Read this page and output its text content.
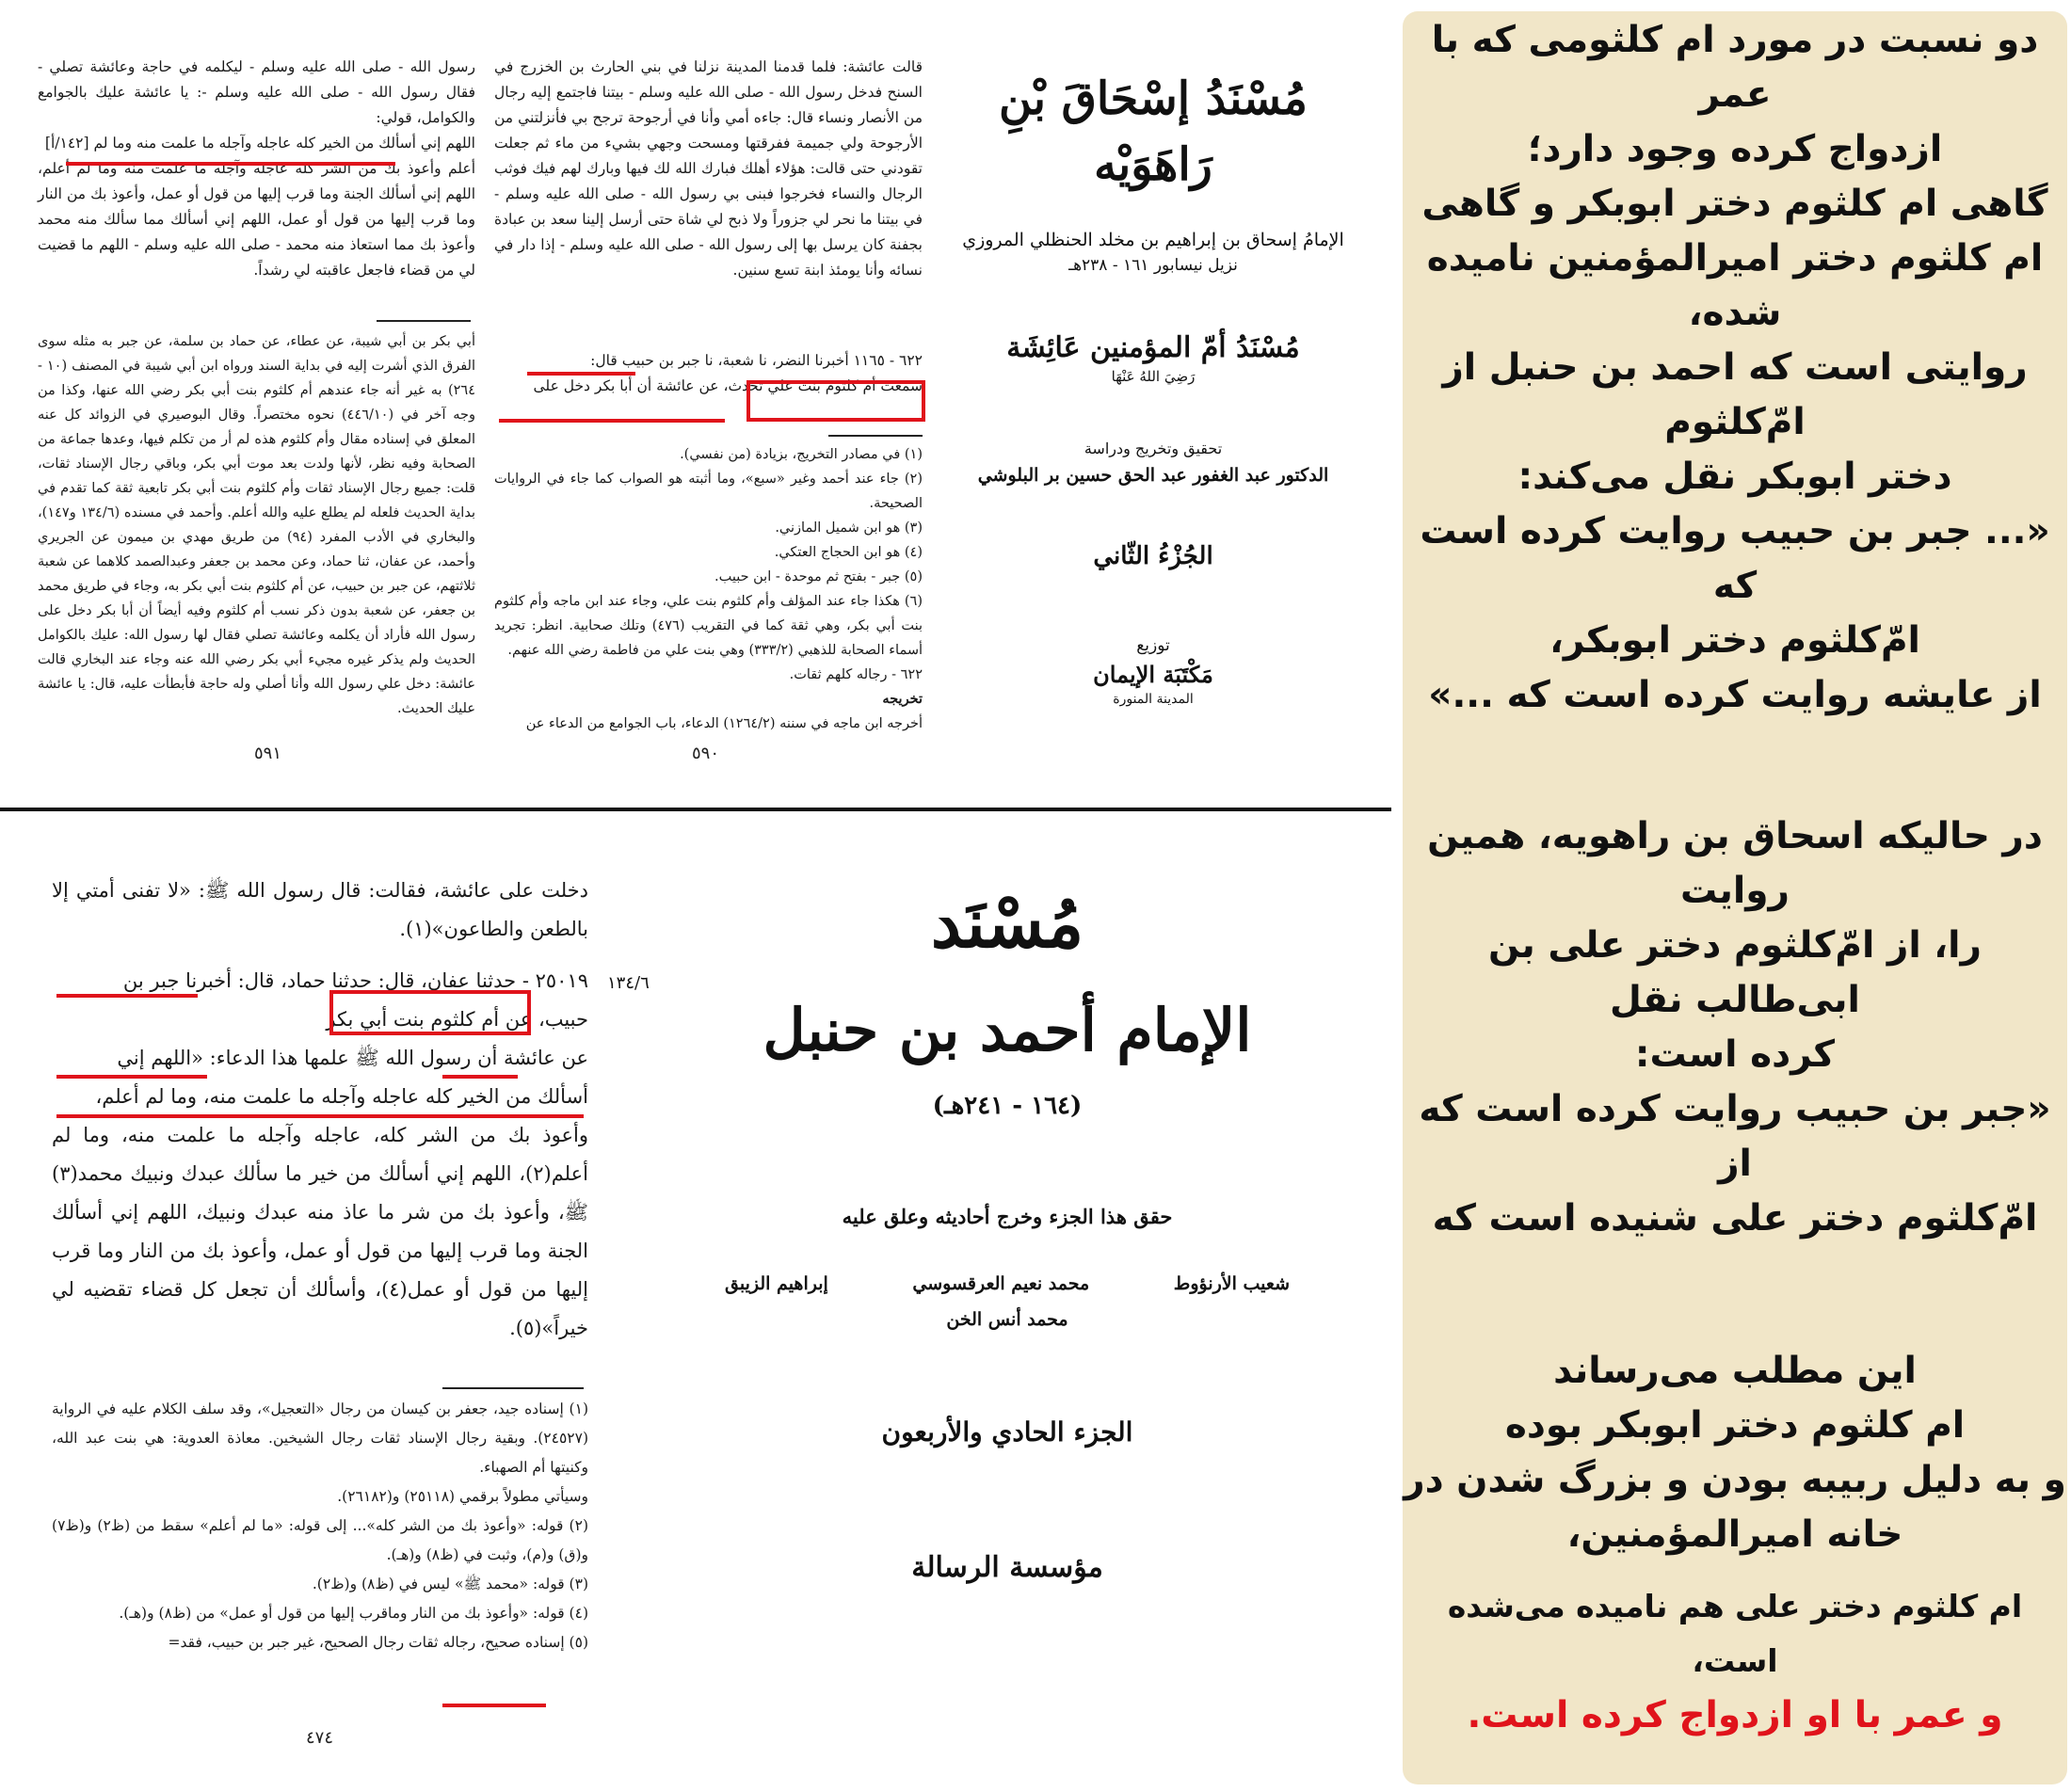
مُسْنَدُ إسْحَاقَ بْنِ رَاهَوَيْه
الإمامُ إسحاق بن إبراهيم بن مخلد الحنظلي المروزي
نزيل نيسابور ١٦١ - ٢٣٨هـ
مُسْنَدُ أمّ المؤمنين عَائِشَة
رَضِيَ اللهُ عَنْهَا
تحقيق وتخريج ودراسة
الدكتور عبد الغفور عبد الحق حسين بر البلوشي
الجُزْءُ الثّاني
توزيع
مَكْتَبَة الإيمان
المدينة المنورة

قالت عائشة: فلما قدمنا المدينة نزلنا في بني الحارث بن الخزرج في السنح فدخل رسول الله - صلى الله عليه وسلم - بيتنا فاجتمع إليه رجال من الأنصار ونساء قال: جاءه أمي وأنا في أرجوحة ترجح بي فأنزلتني من الأرجوحة ولي جميمة ففرقتها ومسحت وجهي بشيء من ماء ثم جعلت تقودني حتى قالت: هؤلاء أهلك فبارك الله لك فيها وبارك لهم فيك فوثب الرجال والنساء فخرجوا فبنى بي رسول الله - صلى الله عليه وسلم - في بيتنا ما نحر لي جزوراً ولا ذبح لي شاة حتى أرسل إلينا سعد بن عبادة بجفنة كان يرسل بها إلى رسول الله - صلى الله عليه وسلم - إذا دار في نسائه وأنا يومئذ ابنة تسع سنين.

٦٢٢ - ١١٦٥ أخبرنا النضر، نا شعبة، نا جبر بن حبيب قال:

سمعت أم كلثوم بنت علي تحدث، عن عائشة أن أبا بكر دخل على

(١) في مصادر التخريج، بزيادة (من نفسي).
(٢) جاء عند أحمد وغير «سبع»، وما أثبته هو الصواب كما جاء في الروايات الصحيحة.
(٣) هو ابن شميل المازني.
(٤) هو ابن الحجاج العتكي.
(٥) جبر - بفتح ثم موحدة - ابن حبيب.
(٦) هكذا جاء عند المؤلف وأم كلثوم بنت علي، وجاء عند ابن ماجه وأم كلثوم بنت أبي بكر، وهي ثقة كما في التقريب (٤٧٦) وتلك صحابية. انظر: تجريد أسماء الصحابة للذهبي (٣٣٣/٢) وهي بنت علي من فاطمة رضي الله عنهم.
٦٢٢ - رجاله كلهم ثقات.
تخريجه
أخرجه ابن ماجه في سننه (١٢٦٤/٢) الدعاء، باب الجوامع من الدعاء عن
٥٩٠

رسول الله - صلى الله عليه وسلم - ليكلمه في حاجة وعائشة تصلي - فقال رسول الله - صلى الله عليه وسلم -: يا عائشة عليك بالجوامع والكوامل، قولي:

اللهم إني أسألك من الخير كله عاجله وآجله ما علمت منه وما لم [١٤٢/أ]

أعلم وأعوذ بك من الشر كله عاجله وآجله ما علمت منه وما لم أعلم، اللهم إني أسألك الجنة وما قرب إليها من قول أو عمل، وأعوذ بك من النار وما قرب إليها من قول أو عمل، اللهم إني أسألك مما سألك منه محمد وأعوذ بك مما استعاذ منه محمد - صلى الله عليه وسلم - اللهم ما قضيت لي من قضاء فاجعل عاقبته لي رشداً.

أبي بكر بن أبي شيبة، عن عطاء، عن حماد بن سلمة، عن جبر به مثله سوى الفرق الذي أشرت إليه في بداية السند ورواه ابن أبي شيبة في المصنف (١٠ - ٢٦٤) به غير أنه جاء عندهم أم كلثوم بنت أبي بكر رضي الله عنها، وكذا من وجه آخر في (٤٤٦/١٠) نحوه مختصراً. وقال البوصيري في الزوائد كل عنه المعلق في إسناده مقال وأم كلثوم هذه لم أر من تكلم فيها، وعدها جماعة من الصحابة وفيه نظر، لأنها ولدت بعد موت أبي بكر، وباقي رجال الإسناد ثقات، قلت: جميع رجال الإسناد ثقات وأم كلثوم بنت أبي بكر تابعية ثقة كما تقدم في بداية الحديث فلعله لم يطلع عليه والله أعلم. وأحمد في مسنده (١٣٤/٦ و١٤٧)، والبخاري في الأدب المفرد (٩٤) من طريق مهدي بن ميمون عن الجريري وأحمد، عن عفان، ثنا حماد، وعن محمد بن جعفر وعبدالصمد كلاهما عن شعبة ثلاثتهم، عن جبر بن حبيب، عن أم كلثوم بنت أبي بكر به، وجاء في طريق محمد بن جعفر، عن شعبة بدون ذكر نسب أم كلثوم وفيه أيضاً أن أبا بكر دخل على رسول الله فأراد أن يكلمه وعائشة تصلي فقال لها رسول الله: عليك بالكوامل الحديث ولم يذكر غيره مجيء أبي بكر رضي الله عنه وجاء عند البخاري قالت عائشة: دخل علي رسول الله وأنا أصلي وله حاجة فأبطأت عليه، قال: يا عائشة عليك الحديث.
٥٩١

دخلت على عائشة، فقالت: قال رسول الله ﷺ: «لا تفنى أمتي إلا بالطعن والطاعون»(١).

٢٥٠١٩ - حدثنا عفان، قال: حدثنا حماد، قال: أخبرنا جبر بن

حبيب، عن أم كلثوم بنت أبي بكر

عن عائشة أن رسول الله ﷺ علمها هذا الدعاء: «اللهم إني

أسألك من الخير كله عاجله وآجله ما علمت منه، وما لم أعلم،

وأعوذ بك من الشر كله، عاجله وآجله ما علمت منه، وما لم أعلم(٢)، اللهم إني أسألك من خير ما سألك عبدك ونبيك محمد(٣) ﷺ، وأعوذ بك من شر ما عاذ منه عبدك ونبيك، اللهم إني أسألك الجنة وما قرب إليها من قول أو عمل، وأعوذ بك من النار وما قرب إليها من قول أو عمل(٤)، وأسألك أن تجعل كل قضاء تقضيه لي خيراً»(٥).

١٣٤/٦
(١) إسناده جيد، جعفر بن كيسان من رجال «التعجيل»، وقد سلف الكلام عليه في الرواية (٢٤٥٢٧). وبقية رجال الإسناد ثقات رجال الشيخين. معاذة العدوية: هي بنت عبد الله، وكنيتها أم الصهباء.
وسيأتي مطولاً برقمي (٢٥١١٨) و(٢٦١٨٢).
(٢) قوله: «وأعوذ بك من الشر كله»... إلى قوله: «ما لم أعلم» سقط من (ظ٢) و(ظ٧) و(ق) و(م)، وثبت في (ظ٨) و(هـ).
(٣) قوله: «محمد ﷺ» ليس في (ظ٨) و(ظ٢).
(٤) قوله: «وأعوذ بك من النار وماقرب إليها من قول أو عمل» من (ظ٨) و(هـ).
(٥) إسناده صحيح، رجاله ثقات رجال الصحيح، غير جبر بن حبيب، فقد=
٤٧٤
مُسْنَد
الإمام أحمد بن حنبل
(١٦٤ - ٢٤١هـ)
حقق هذا الجزء وخرج أحاديثه وعلق عليه
شعيب الأرنؤوط
محمد نعيم العرقسوسي
إبراهيم الزيبق
محمد أنس الخن
الجزء الحادي والأربعون
مؤسسة الرسالة
دو نسبت در مورد ام کلثومی که با عمر
ازدواج کرده وجود دارد؛
گاهی ام کلثوم دختر ابوبکر و گاهی
ام کلثوم دختر امیرالمؤمنین نامیده شده،
روایتی است که احمد بن حنبل از امّ‌کلثوم
دختر ابوبکر نقل می‌کند:
«... جبر بن حبیب روایت کرده است که
امّ‌کلثوم دختر ابوبکر،
از عایشه روایت کرده است که ...»
در حالیکه اسحاق بن راهویه، همین روایت
را، از امّ‌کلثوم دختر علی بن ابی‌طالب نقل
کرده است:
«جبر بن حبیب روایت کرده است که از
امّ‌کلثوم دختر علی شنیده است که
این مطلب می‌رساند
ام کلثوم دختر ابوبکر بوده
و به دلیل ربیبه بودن و بزرگ شدن در
خانه امیرالمؤمنین،
ام کلثوم دختر علی هم نامیده می‌شده است،
و عمر با او ازدواج کرده است.
